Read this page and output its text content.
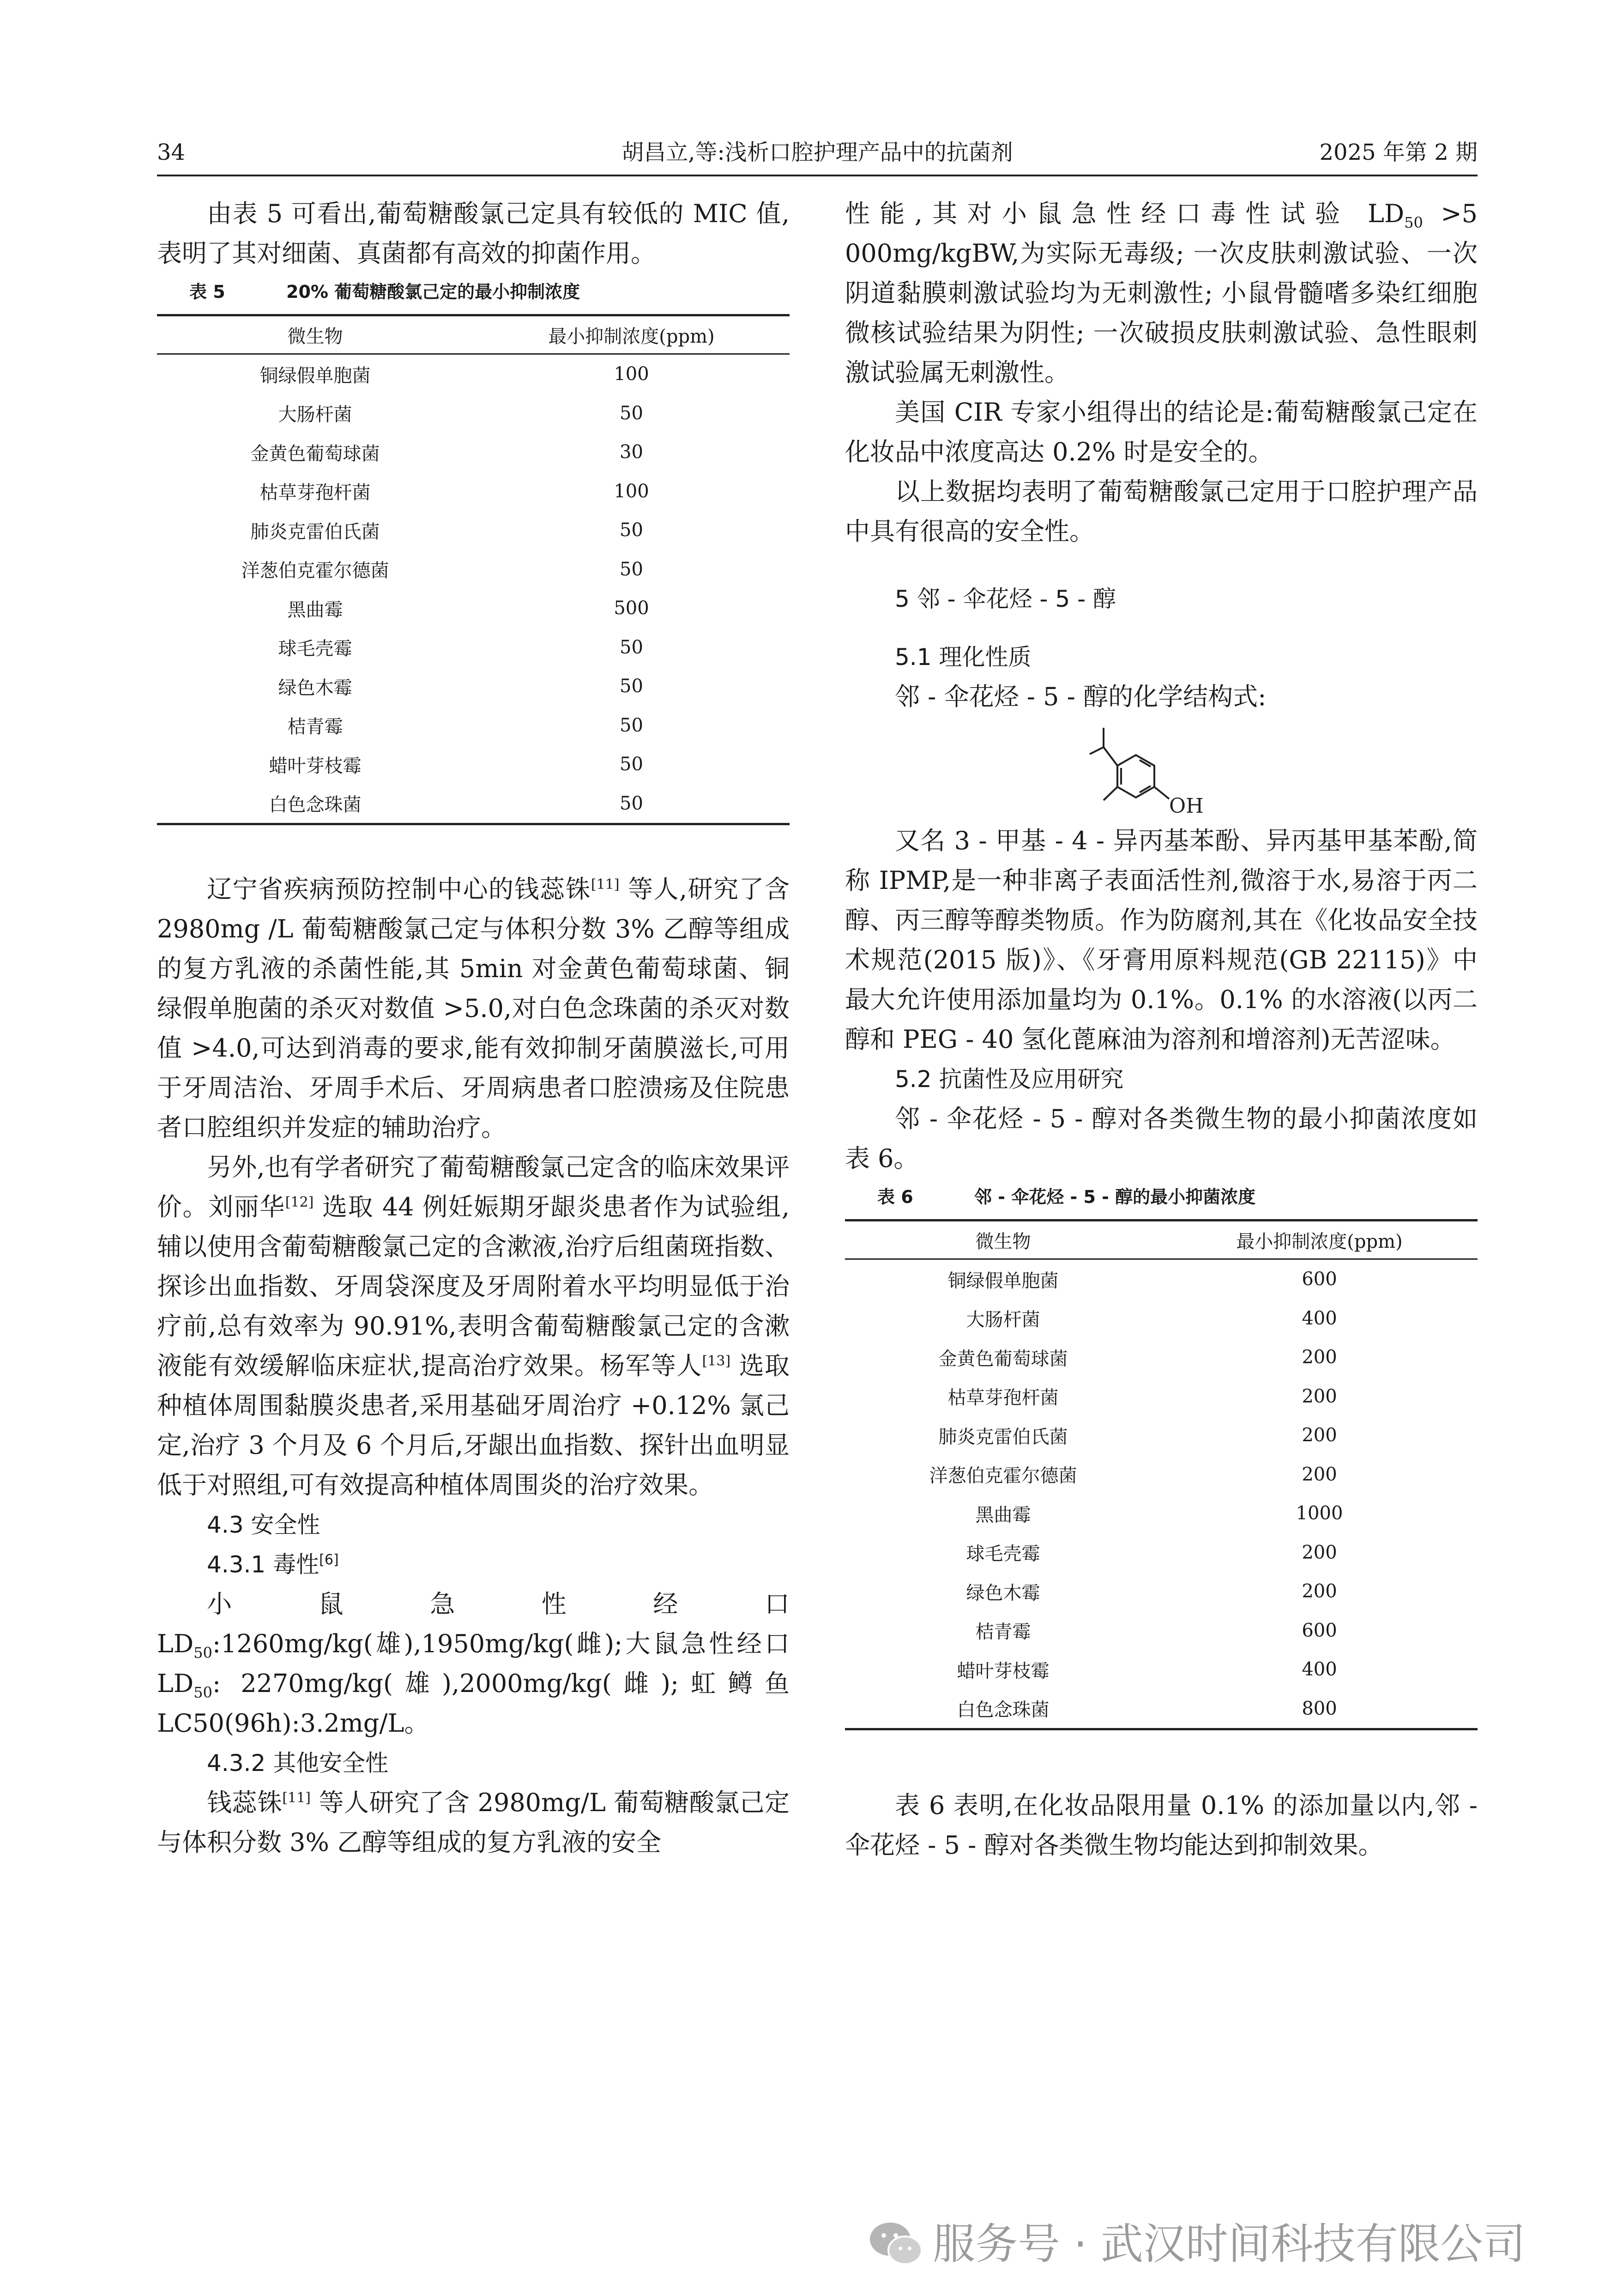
34	胡昌立,等:浅析口腔护理产品中的抗菌剂	2025 年第 2 期

由表 5 可看出,葡萄糖酸氯己定具有较低的 MIC 值,表明了其对细菌、真菌都有高效的抑菌作用。

表 5	20% 葡萄糖酸氯己定的最小抑制浓度
微生物	最小抑制浓度(ppm)
铜绿假单胞菌	100
大肠杆菌	50
金黄色葡萄球菌	30
枯草芽孢杆菌	100
肺炎克雷伯氏菌	50
洋葱伯克霍尔德菌	50
黑曲霉	500
球毛壳霉	50
绿色木霉	50
桔青霉	50
蜡叶芽枝霉	50
白色念珠菌	50

辽宁省疾病预防控制中心的钱蕊铢[11] 等人,研究了含 2980mg /L 葡萄糖酸氯己定与体积分数 3% 乙醇等组成的复方乳液的杀菌性能,其 5min 对金黄色葡萄球菌、铜绿假单胞菌的杀灭对数值 >5.0,对白色念珠菌的杀灭对数值 >4.0,可达到消毒的要求,能有效抑制牙菌膜滋长,可用于牙周洁治、牙周手术后、牙周病患者口腔溃疡及住院患者口腔组织并发症的辅助治疗。

另外,也有学者研究了葡萄糖酸氯己定含的临床效果评价。刘丽华[12] 选取 44 例妊娠期牙龈炎患者作为试验组,辅以使用含葡萄糖酸氯己定的含漱液,治疗后组菌斑指数、探诊出血指数、牙周袋深度及牙周附着水平均明显低于治疗前,总有效率为 90.91%,表明含葡萄糖酸氯己定的含漱液能有效缓解临床症状,提高治疗效果。杨军等人[13] 选取种植体周围黏膜炎患者,采用基础牙周治疗 +0.12% 氯己定,治疗 3 个月及 6 个月后,牙龈出血指数、探针出血明显低于对照组,可有效提高种植体周围炎的治疗效果。

4.3 安全性

4.3.1 毒性[6]

小鼠急性经口 $LD_{50}:1260mg/kg$(雄),1950mg/kg(雌);大鼠急性经口 $LD_{50}$: 2270mg/kg(雄),2000mg/kg(雌);虹鳟鱼 LC50(96h):3.2mg/L。

4.3.2 其他安全性

钱蕊铢[11] 等人研究了含 2980mg/L 葡萄糖酸氯己定与体积分数 3% 乙醇等组成的复方乳液的安全

性能,其对小鼠急性经口毒性试验 $LD_{50} >5$ 000mg/kgBW,为实际无毒级; 一次皮肤刺激试验、一次阴道黏膜刺激试验均为无刺激性; 小鼠骨髓嗜多染红细胞微核试验结果为阴性; 一次破损皮肤刺激试验、急性眼刺激试验属无刺激性。

美国 CIR 专家小组得出的结论是:葡萄糖酸氯己定在化妆品中浓度高达 0.2% 时是安全的。

以上数据均表明了葡萄糖酸氯己定用于口腔护理产品中具有很高的安全性。

5 邻 - 伞花烃 - 5 - 醇

5.1 理化性质

邻 - 伞花烃 - 5 - 醇的化学结构式:

OH

又名 3 - 甲基 - 4 - 异丙基苯酚、异丙基甲基苯酚,简称 IPMP,是一种非离子表面活性剂,微溶于水,易溶于丙二醇、丙三醇等醇类物质。作为防腐剂,其在《化妆品安全技术规范(2015 版)》、《牙膏用原料规范(GB 22115)》中最大允许使用添加量均为 0.1%。0.1% 的水溶液(以丙二醇和 PEG - 40 氢化蓖麻油为溶剂和增溶剂)无苦涩味。

5.2 抗菌性及应用研究

邻 - 伞花烃 - 5 - 醇对各类微生物的最小抑菌浓度如表 6。

表 6	邻 - 伞花烃 - 5 - 醇的最小抑菌浓度
微生物	最小抑制浓度(ppm)
铜绿假单胞菌	600
大肠杆菌	400
金黄色葡萄球菌	200
枯草芽孢杆菌	200
肺炎克雷伯氏菌	200
洋葱伯克霍尔德菌	200
黑曲霉	1000
球毛壳霉	200
绿色木霉	200
桔青霉	600
蜡叶芽枝霉	400
白色念珠菌	800

表 6 表明,在化妆品限用量 0.1% 的添加量以内,邻 - 伞花烃 - 5 - 醇对各类微生物均能达到抑制效果。

服务号 · 武汉时间科技有限公司
